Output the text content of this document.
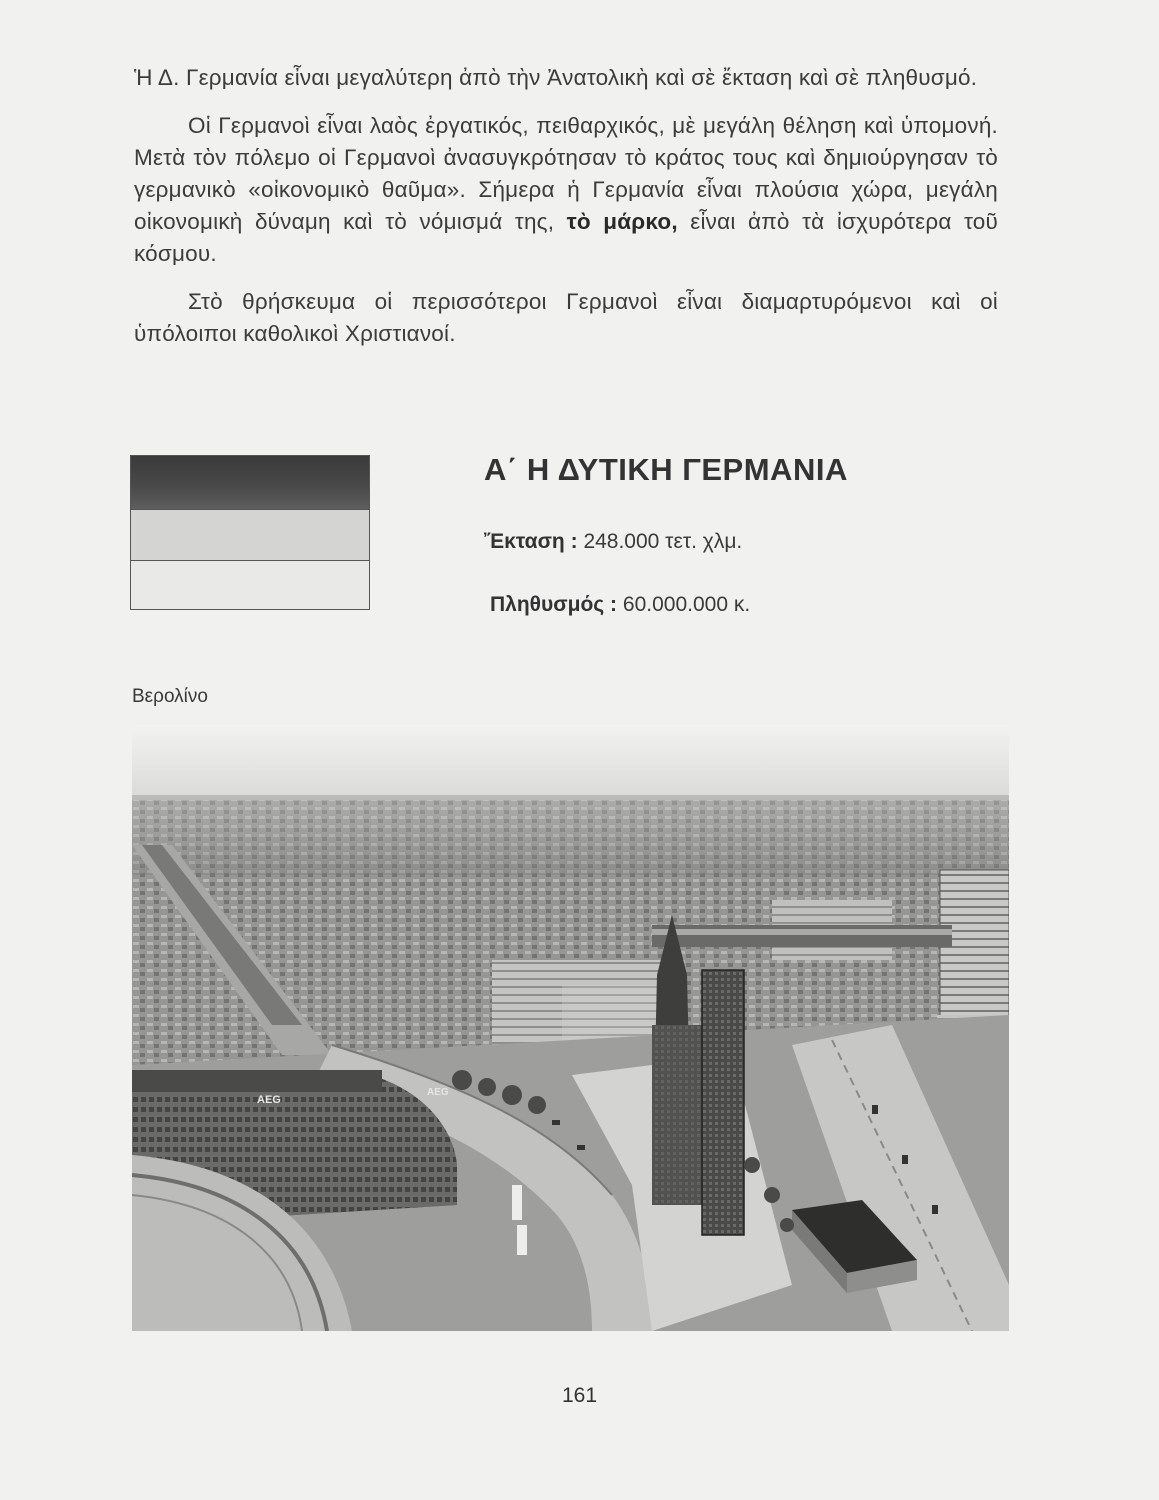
Ἡ Δ. Γερμανία εἶναι μεγαλύτερη ἀπὸ τὴν Ἀνατολικὴ καὶ σὲ ἔκταση καὶ σὲ πληθυσμό.

Οἱ Γερμανοὶ εἶναι λαὸς ἐργατικός, πειθαρχικός, μὲ μεγάλη θέληση καὶ ὑπομονή. Μετὰ τὸν πόλεμο οἱ Γερμανοὶ ἀνασυγκρότησαν τὸ κράτος τους καὶ δημιούργησαν τὸ γερμανικὸ «οἰκονομικὸ θαῦμα». Σήμερα ἡ Γερμανία εἶναι πλούσια χώρα, μεγάλη οἰκονομικὴ δύναμη καὶ τὸ νόμισμά της, τὸ μάρκο, εἶναι ἀπὸ τὰ ἰσχυρότερα τοῦ κόσμου.

Στὸ θρήσκευμα οἱ περισσότεροι Γερμανοὶ εἶναι διαμαρτυρόμενοι καὶ οἱ ὑπόλοιποι καθολικοὶ Χριστιανοί.

Α΄ Η ΔΥΤΙΚΗ ΓΕΡΜΑΝΙΑ
Ἔκταση : 248.000 τετ. χλμ.
Πληθυσμός : 60.000.000 κ.
Βερολίνο
AEG
AEG
161
